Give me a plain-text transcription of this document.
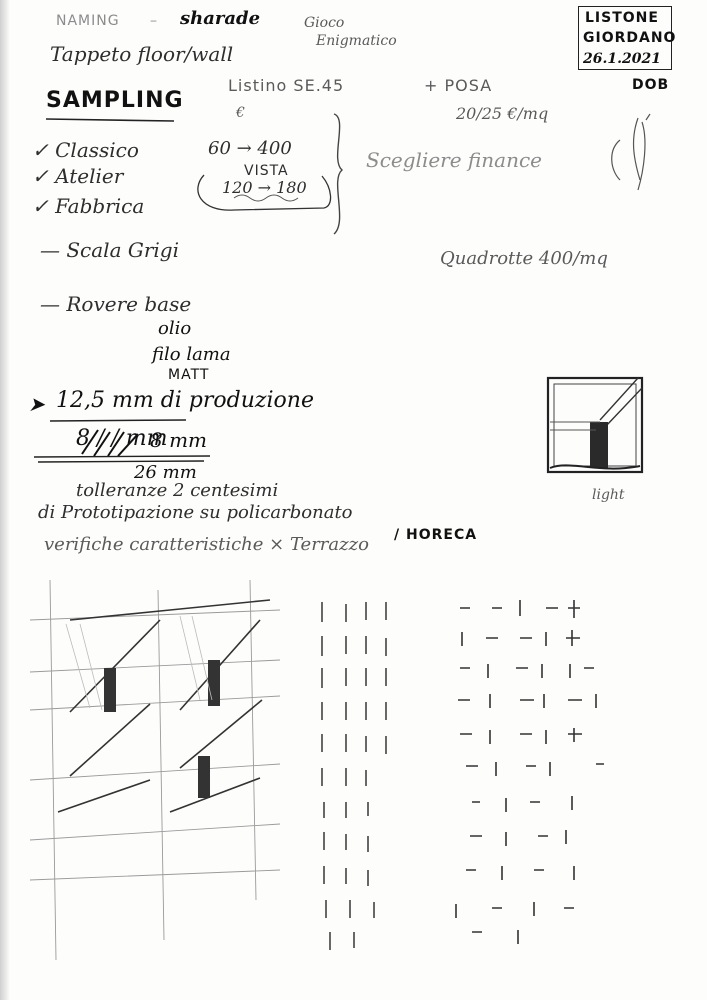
LISTONE
GIORDANO
26.1.2021
DOB
NAMING – sharade	Gioco
Enigmatico
Tappeto floor/wall
SAMPLING
Listino SE.45
€
+ POSA
20/25 €/mq
✓ Classico
✓ Atelier
✓ Fabbrica
60 → 400
VISTA
120 → 180
Scegliere finance
— Scala Grigi	Quadrotte 400/mq
— Rovere base
olio
filo lama
MATT
➤ 12,5 mm di produzione
8 / / mm
8 mm
26 mm
tolleranze 2 centesimi
di Prototipazione su policarbonato
verifiche caratteristiche × Terrazzo / HORECA
light
